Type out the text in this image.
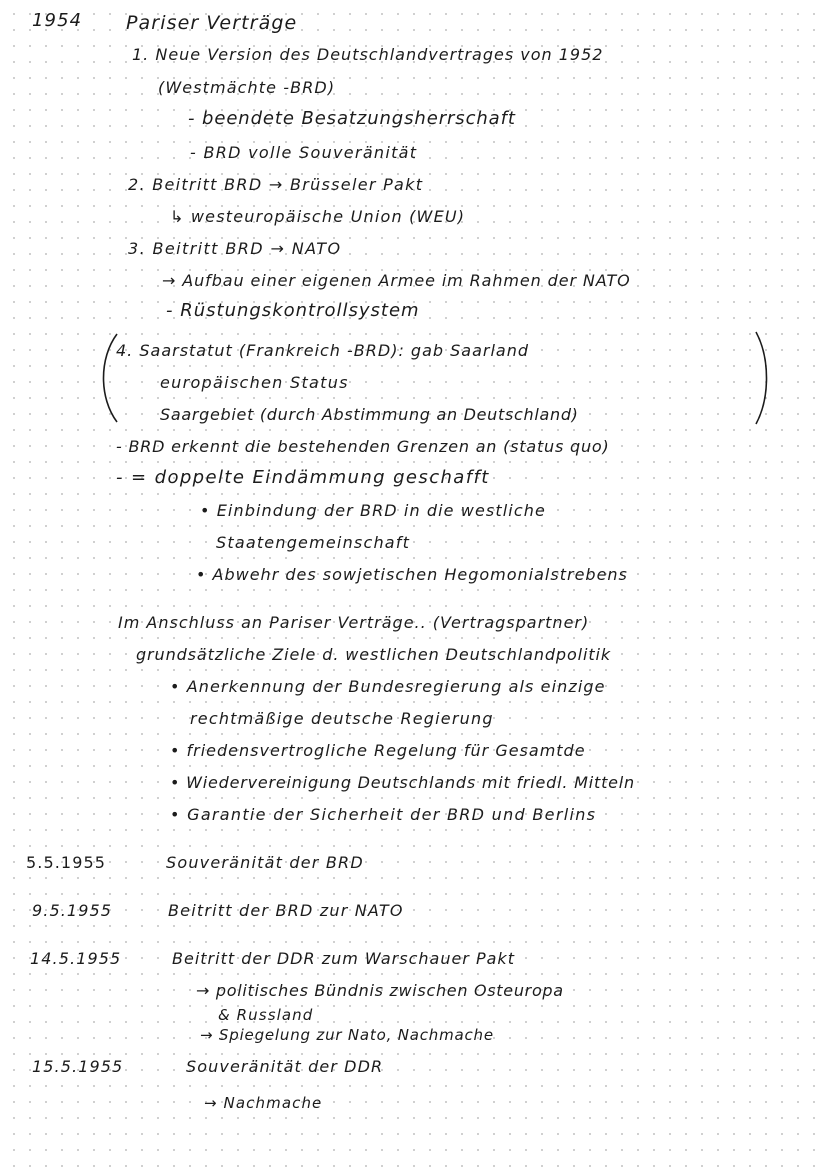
1954 Pariser Verträge
1. Neue Version des Deutschlandvertrages von 1952
(Westmächte -BRD)
- beendete Besatzungsherrschaft
- BRD volle Souveränität
2. Beitritt BRD → Brüsseler Pakt
↳ westeuropäische Union (WEU)
3. Beitritt BRD → NATO
→ Aufbau einer eigenen Armee im Rahmen der NATO
- Rüstungskontrollsystem
4. Saarstatut (Frankreich -BRD): gab Saarland
europäischen Status
Saargebiet (durch Abstimmung an Deutschland)
- BRD erkennt die bestehenden Grenzen an (status quo)
- = doppelte Eindämmung geschafft
• Einbindung der BRD in die westliche
Staatengemeinschaft
• Abwehr des sowjetischen Hegomonialstrebens
Im Anschluss an Pariser Verträge.. (Vertragspartner)
grundsätzliche Ziele d. westlichen Deutschlandpolitik
• Anerkennung der Bundesregierung als einzige
rechtmäßige deutsche Regierung
• friedensvertrogliche Regelung für Gesamtde
• Wiedervereinigung Deutschlands mit friedl. Mitteln
• Garantie der Sicherheit der BRD und Berlins
5.5.1955	Souveränität der BRD
9.5.1955	Beitritt der BRD zur NATO
14.5.1955	Beitritt der DDR zum Warschauer Pakt
→ politisches Bündnis zwischen Osteuropa
& Russland
→ Spiegelung zur Nato, Nachmache
15.5.1955	Souveränität der DDR
→ Nachmache
